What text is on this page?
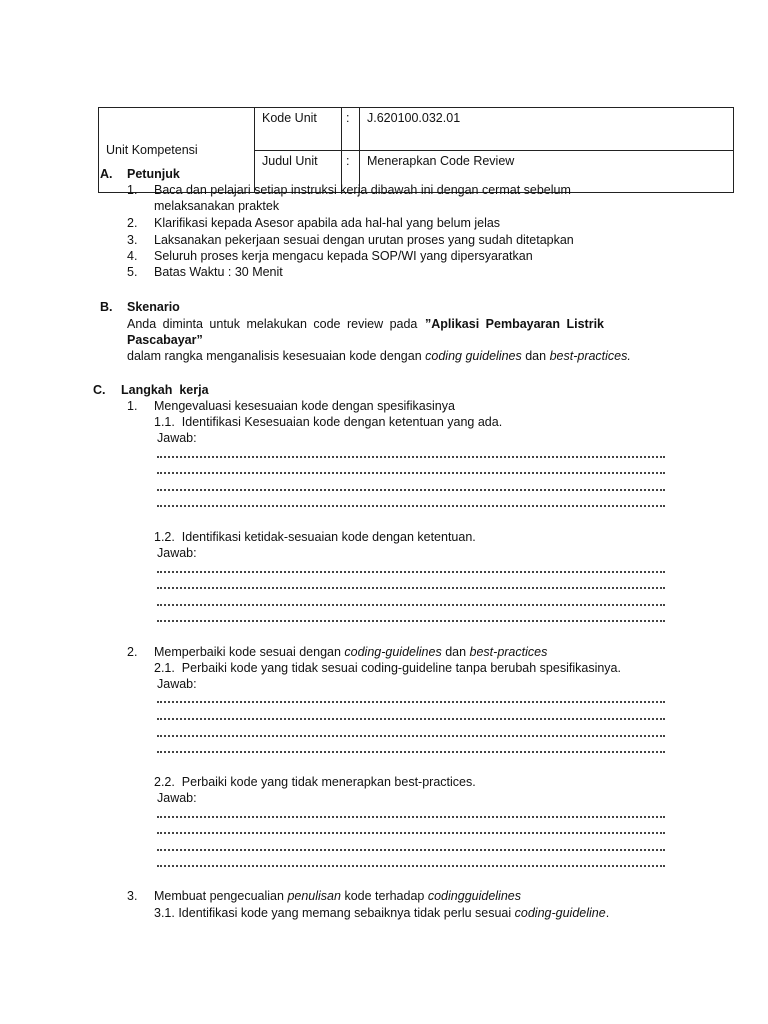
Unit Kompetensi	Kode Unit	:	J.620100.032.01
	Judul Unit	:	Menerapkan Code Review
A. Petunjuk
1. Baca dan pelajari setiap instruksi kerja dibawah ini dengan cermat sebelum
melaksanakan praktek
2. Klarifikasi kepada Asesor apabila ada hal-hal yang belum jelas
3. Laksanakan pekerjaan sesuai dengan urutan proses yang sudah ditetapkan
4. Seluruh proses kerja mengacu kepada SOP/WI yang dipersyaratkan
5. Batas Waktu : 30 Menit
B. Skenario
Anda diminta untuk melakukan code review pada ”Aplikasi Pembayaran Listrik
Pascabayar”
dalam rangka menganalisis kesesuaian kode dengan coding guidelines dan best-practices.
C. Langkah  kerja
1. Mengevaluasi kesesuaian kode dengan spesifikasinya
1.1.  Identifikasi Kesesuaian kode dengan ketentuan yang ada.
Jawab:
1.2.  Identifikasi ketidak-sesuaian kode dengan ketentuan.
Jawab:
2. Memperbaiki kode sesuai dengan coding-guidelines dan best-practices
2.1.  Perbaiki kode yang tidak sesuai coding-guideline tanpa berubah spesifikasinya.
Jawab:
2.2.  Perbaiki kode yang tidak menerapkan best-practices.
Jawab:
3. Membuat pengecualian penulisan kode terhadap codingguidelines
3.1. Identifikasi kode yang memang sebaiknya tidak perlu sesuai coding-guideline.
